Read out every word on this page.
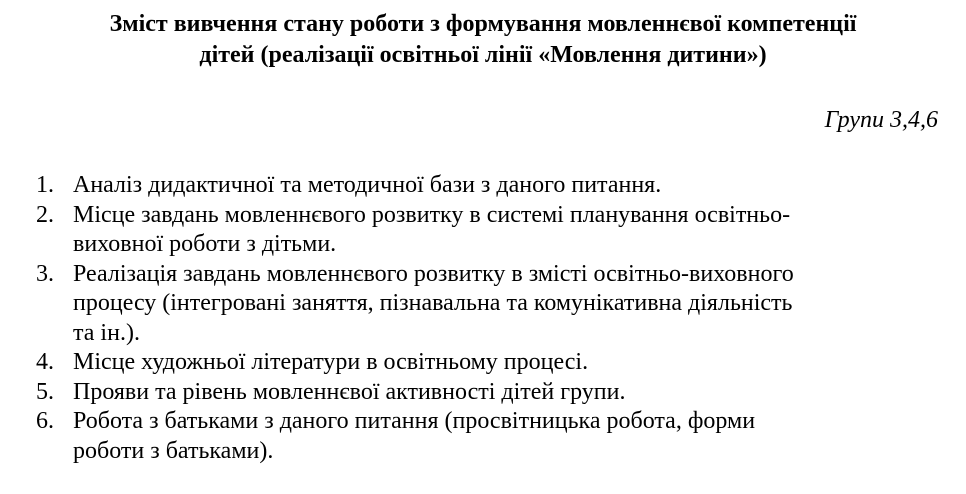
Зміст вивчення стану роботи з формування мовленнєвої компетенції
дітей (реалізації освітньої лінії «Мовлення дитини»)
Групи 3,4,6
1. Аналіз дидактичної та методичної бази з даного питання.
2. Місце завдань мовленнєвого розвитку в системі планування освітньо-
виховної роботи з дітьми.
3. Реалізація завдань мовленнєвого розвитку в змісті освітньо-виховного
процесу (інтегровані заняття, пізнавальна та комунікативна діяльність
та ін.).
4. Місце художньої літератури в освітньому процесі.
5. Прояви та рівень мовленнєвої активності дітей групи.
6. Робота з батьками з даного питання (просвітницька робота, форми
роботи з батьками).
